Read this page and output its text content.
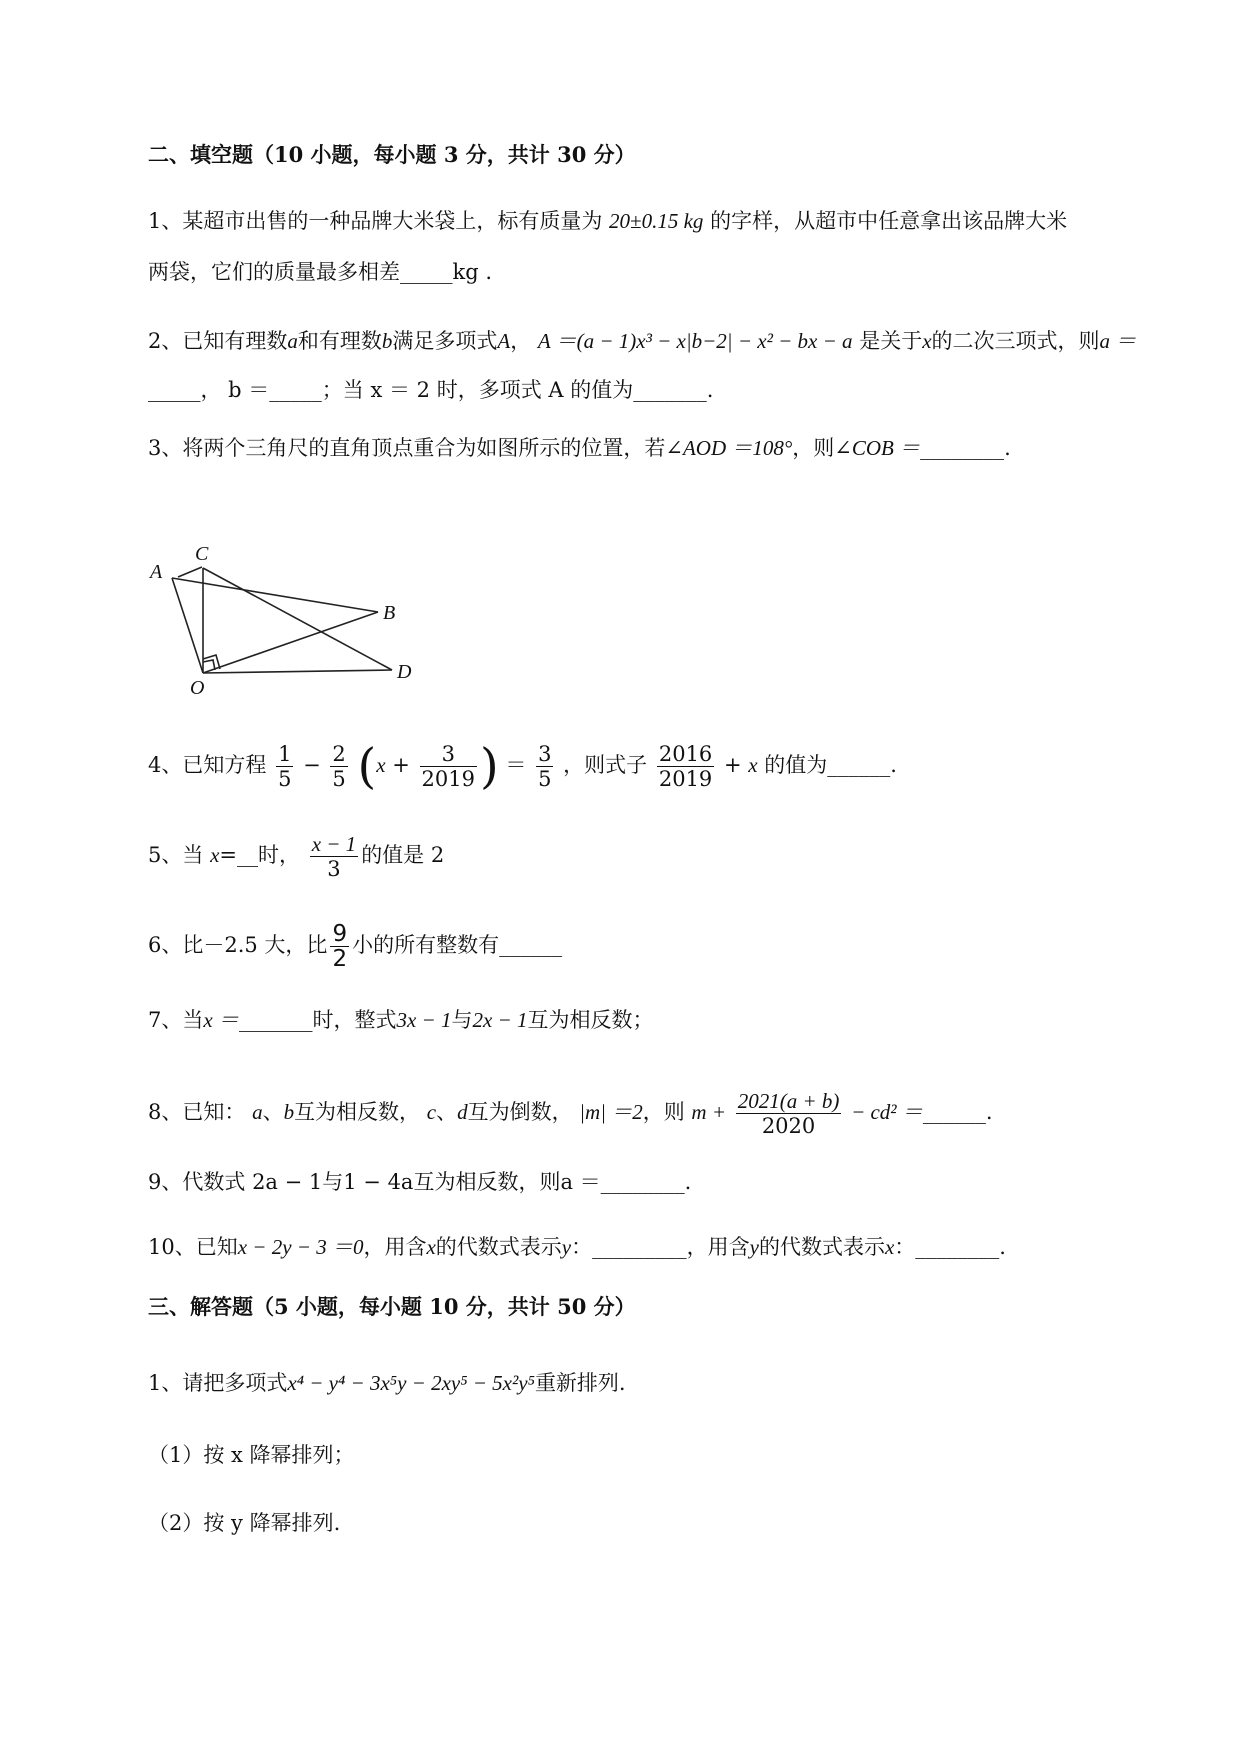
二、填空题（10 小题，每小题 3 分，共计 30 分）
1、某超市出售的一种品牌大米袋上，标有质量为 20±0.15 kg 的字样，从超市中任意拿出该品牌大米
两袋，它们的质量最多相差_____kg .
2、已知有理数a和有理数b满足多项式A， A ＝(a − 1)x³ − x|b−2| − x² − bx − a 是关于x的二次三项式，则a ＝
_____， b ＝_____；当 x ＝ 2 时，多项式 A 的值为_______.
3、将两个三角尺的直角顶点重合为如图所示的位置，若∠AOD ＝108°，则∠COB ＝________.
A
C
B
O
D
4、已知方程 $\frac{1}{5} - \frac{2}{5} (x + \frac{3}{2019}$ ) ＝ $\frac{3}{5}$ ，则式子 $\frac{2016}{2019} + x$ 的值为______.
5、当 x=__时， $\frac{x - 1}{3}$ 的值是 2
6、比－2.5 大，比 $\frac{9}{2}$ 小的所有整数有______
7、当x ＝_______时，整式3x − 1与2x − 1互为相反数；
8、已知： a、b互为相反数， c、d互为倒数， |m| ＝2，则 $m + \frac{2021(a + b)}{2020} - cd^2$ ＝______.
9、代数式 2a − 1与1 − 4a互为相反数，则a ＝________.
10、已知x − 2y − 3 ＝0，用含x的代数式表示y：_________，用含y的代数式表示x：________.
三、解答题（5 小题，每小题 10 分，共计 50 分）
1、请把多项式x⁴ − y⁴ − 3x⁵y − 2xy⁵ − 5x²y⁵重新排列.
（1）按 x 降幂排列；
（2）按 y 降幂排列.
